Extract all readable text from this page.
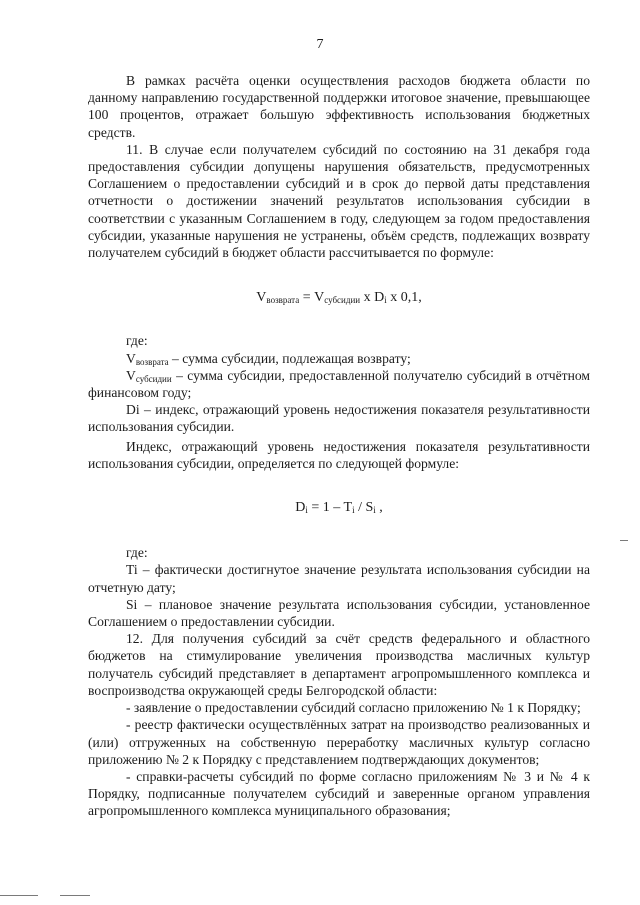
7

В рамках расчёта оценки осуществления расходов бюджета области по данному направлению государственной поддержки итоговое значение, превышающее 100 процентов, отражает большую эффективность использования бюджетных средств.

11. В случае если получателем субсидий по состоянию на 31 декабря года предоставления субсидии допущены нарушения обязательств, предусмотренных Соглашением о предоставлении субсидий и в срок до первой даты представления отчетности о достижении значений результатов использования субсидии в соответствии с указанным Соглашением в году, следующем за годом предоставления субсидии, указанные нарушения не устранены, объём средств, подлежащих возврату получателем субсидий в бюджет области рассчитывается по формуле:

$V_{возврата} = V_{субсидии}$ x $D_i$ x 0,1,

где:

$V_{возврата}$ – сумма субсидии, подлежащая возврату;

$V_{субсидии}$ – сумма субсидии, предоставленной получателю субсидий в отчётном финансовом году;

Di – индекс, отражающий уровень недостижения показателя результативности использования субсидии.

Индекс, отражающий уровень недостижения показателя результативности использования субсидии, определяется по следующей формуле:

$D_i = 1 - T_i / S_i$ ,

где:

Ti – фактически достигнутое значение результата использования субсидии на отчетную дату;

Si – плановое значение результата использования субсидии, установленное Соглашением о предоставлении субсидии.

12. Для получения субсидий за счёт средств федерального и областного бюджетов на стимулирование увеличения производства масличных культур получатель субсидий представляет в департамент агропромышленного комплекса и воспроизводства окружающей среды Белгородской области:

- заявление о предоставлении субсидий согласно приложению № 1 к Порядку;

- реестр фактически осуществлённых затрат на производство реализованных и (или) отгруженных на собственную переработку масличных культур согласно приложению № 2 к Порядку с представлением подтверждающих документов;

- справки-расчеты субсидий по форме согласно приложениям № 3 и № 4 к Порядку, подписанные получателем субсидий и заверенные органом управления агропромышленного комплекса муниципального образования;
